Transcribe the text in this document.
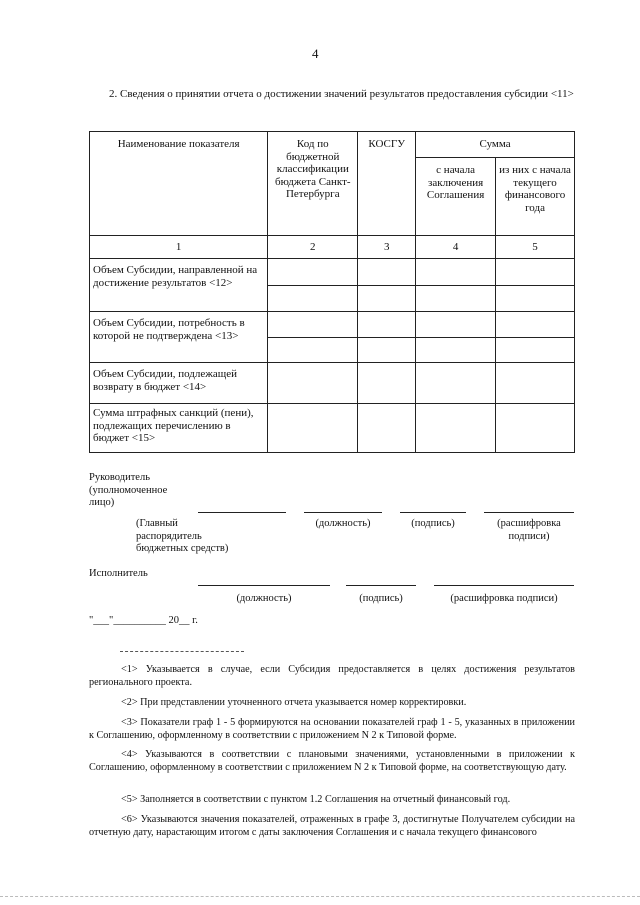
4
2. Сведения о принятии отчета о достижении значений результатов предоставления субсидии <11>
Наименование показателя	Код по бюджетной классификации бюджета Санкт-Петербурга	КОСГУ	Сумма	
			с начала заключения Соглашения	из них с начала текущего финансового года
1	2	3	4	5
Объем Субсидии, направленной на достижение результатов <12>				

Объем Субсидии, потребность в которой не подтверждена <13>				

Объем Субсидии, подлежащей возврату в бюджет <14>				
Сумма штрафных санкций (пени), подлежащих перечислению в бюджет <15>				
Руководитель (уполномоченное лицо)
(Главный распорядитель бюджетных средств)
(должность)	(подпись)	(расшифровка подписи)
Исполнитель
(должность)	(подпись)	(расшифровка подписи)
"___"__________ 20__ г.
<1> Указывается в случае, если Субсидия предоставляется в целях достижения результатов регионального проекта.
<2> При представлении уточненного отчета указывается номер корректировки.
<3> Показатели граф 1 - 5 формируются на основании показателей граф 1 - 5, указанных в приложении к Соглашению, оформленному в соответствии с приложением N 2 к Типовой форме.
<4> Указываются в соответствии с плановыми значениями, установленными в приложении к Соглашению, оформленному в соответствии с приложением N 2 к Типовой форме, на соответствующую дату.
<5> Заполняется в соответствии с пунктом 1.2 Соглашения на отчетный финансовый год.
<6> Указываются значения показателей, отраженных в графе 3, достигнутые Получателем субсидии на отчетную дату, нарастающим итогом с даты заключения Соглашения и с начала текущего финансового
